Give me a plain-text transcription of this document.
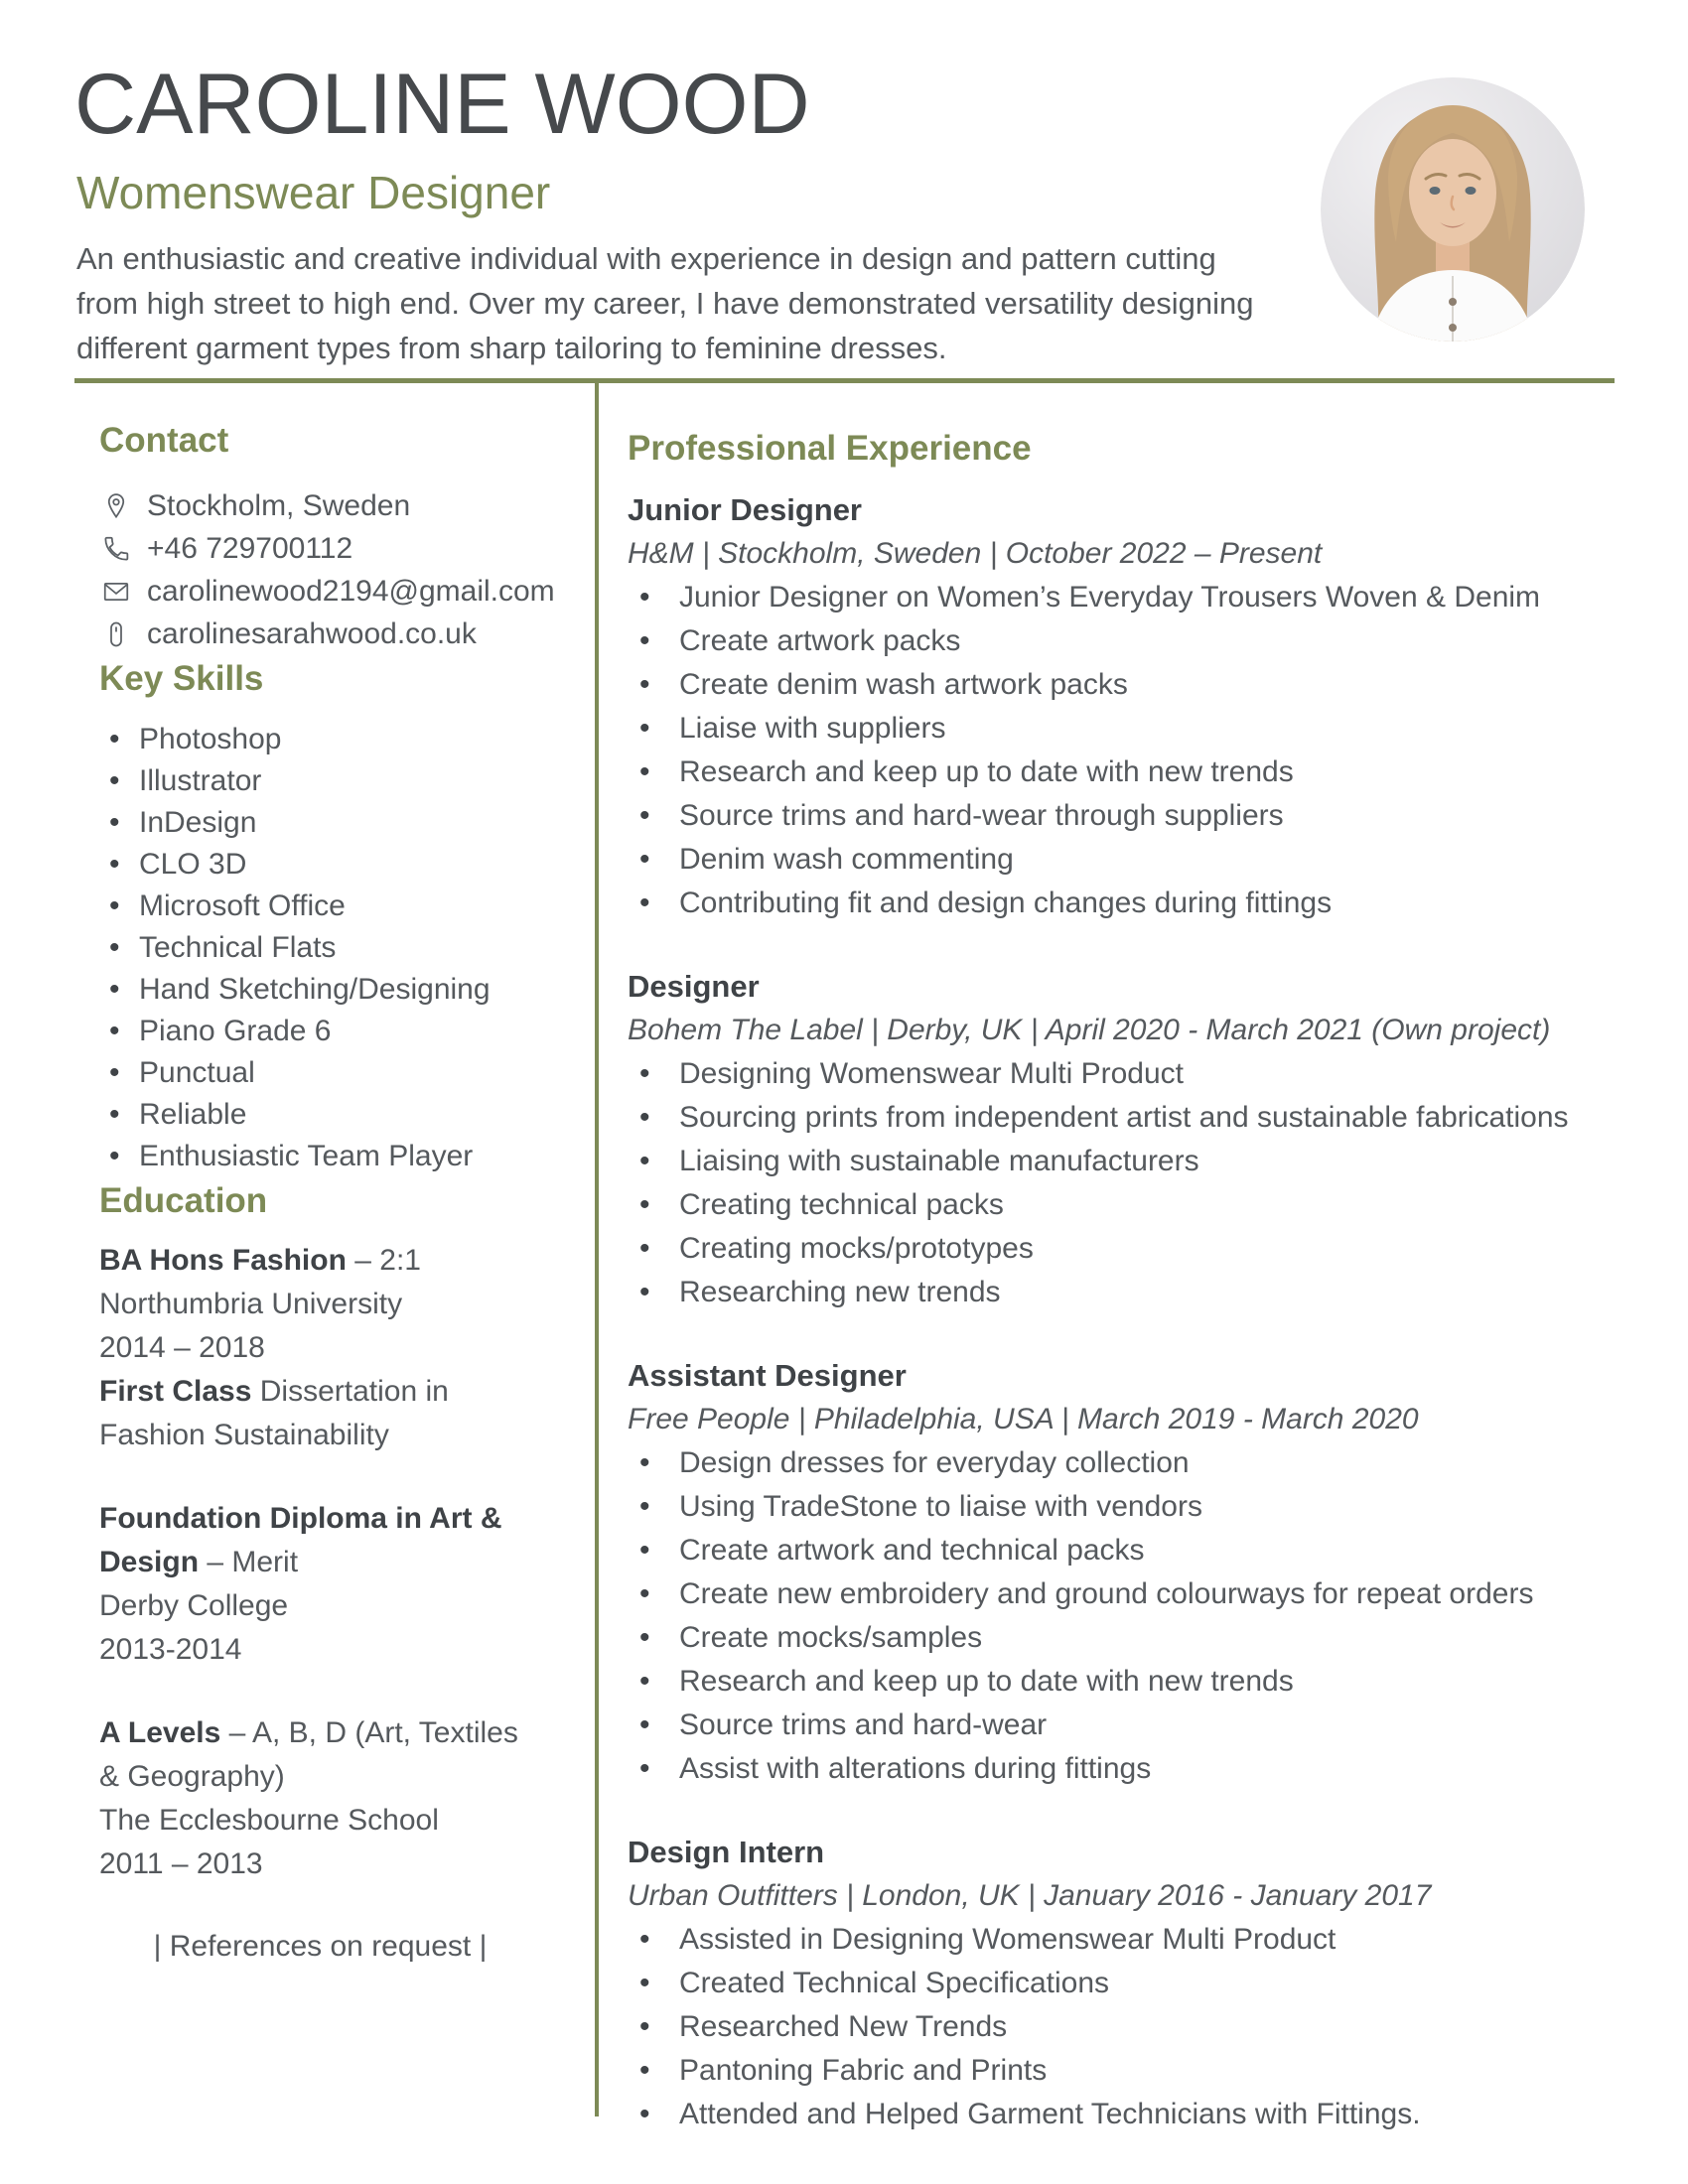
CAROLINE WOOD
Womenswear Designer

An enthusiastic and creative individual with experience in design and pattern cutting from high street to high end. Over my career, I have demonstrated versatility designing different garment types from sharp tailoring to feminine dresses.

Contact
Stockholm, Sweden
+46 729700112
carolinewood2194@gmail.com
carolinesarahwood.co.uk
Key Skills
• Photoshop
• Illustrator
• InDesign
• CLO 3D
• Microsoft Office
• Technical Flats
• Hand Sketching/Designing
• Piano Grade 6
• Punctual
• Reliable
• Enthusiastic Team Player
Education
BA Hons Fashion – 2:1
Northumbria University
2014 – 2018
First Class Dissertation in Fashion Sustainability
Foundation Diploma in Art & Design – Merit
Derby College
2013-2014
A Levels – A, B, D (Art, Textiles & Geography)
The Ecclesbourne School
2011 – 2013
| References on request |
Professional Experience
Junior Designer
H&M | Stockholm, Sweden | October 2022 – Present
• Junior Designer on Women’s Everyday Trousers Woven & Denim
• Create artwork packs
• Create denim wash artwork packs
• Liaise with suppliers
• Research and keep up to date with new trends
• Source trims and hard-wear through suppliers
• Denim wash commenting
• Contributing fit and design changes during fittings
Designer
Bohem The Label | Derby, UK | April 2020 - March 2021 (Own project)
• Designing Womenswear Multi Product
• Sourcing prints from independent artist and sustainable fabrications
• Liaising with sustainable manufacturers
• Creating technical packs
• Creating mocks/prototypes
• Researching new trends
Assistant Designer
Free People | Philadelphia, USA | March 2019 - March 2020
• Design dresses for everyday collection
• Using TradeStone to liaise with vendors
• Create artwork and technical packs
• Create new embroidery and ground colourways for repeat orders
• Create mocks/samples
• Research and keep up to date with new trends
• Source trims and hard-wear
• Assist with alterations during fittings
Design Intern
Urban Outfitters | London, UK | January 2016 - January 2017
• Assisted in Designing Womenswear Multi Product
• Created Technical Specifications
• Researched New Trends
• Pantoning Fabric and Prints
• Attended and Helped Garment Technicians with Fittings.
